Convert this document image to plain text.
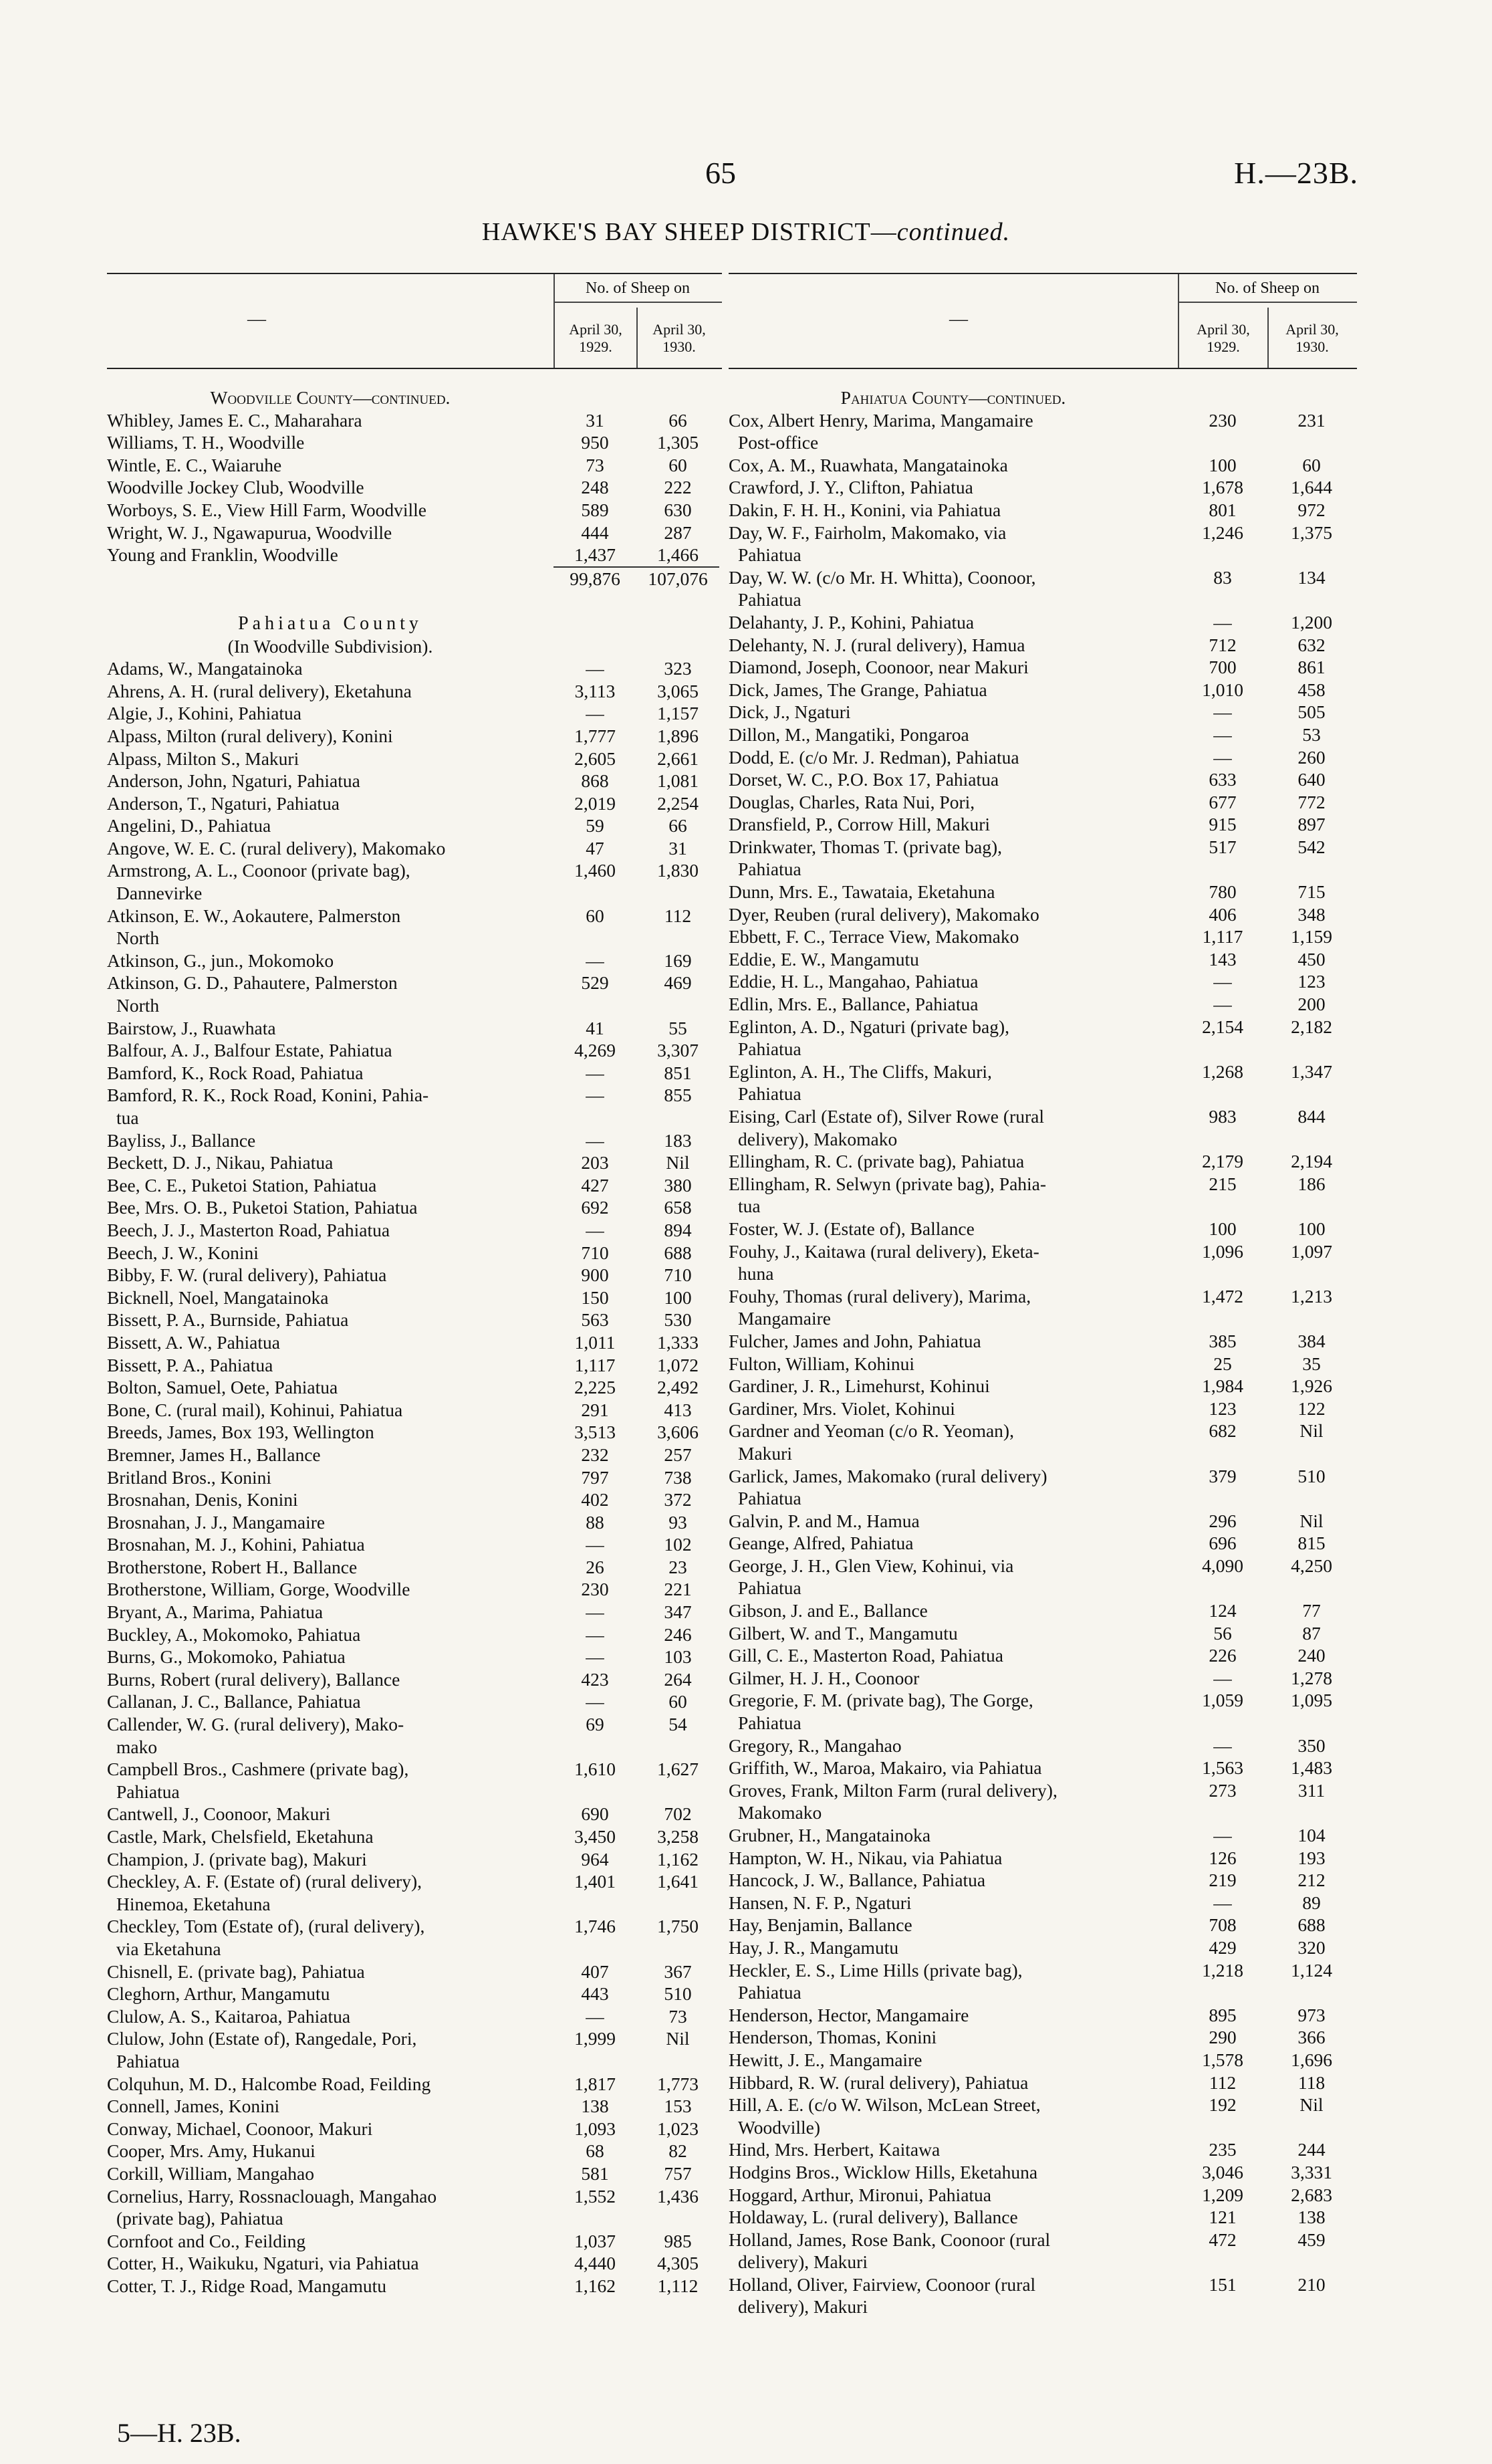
65	H.—23B.
HAWKE'S BAY SHEEP DISTRICT—continued.
—
No. of Sheep on
April 30, 1929.
April 30, 1930.
Woodville County—continued.
Whibley, James E. C., Maharahara	31	66
Williams, T. H., Woodville	950	1,305
Wintle, E. C., Waiaruhe	73	60
Woodville Jockey Club, Woodville	248	222
Worboys, S. E., View Hill Farm, Woodville	589	630
Wright, W. J., Ngawapurua, Woodville	444	287
Young and Franklin, Woodville	1,437	1,466
99,876	107,076
Pahiatua County
(In Woodville Subdivision).
Adams, W., Mangatainoka	—	323
Ahrens, A. H. (rural delivery), Eketahuna	3,113	3,065
Algie, J., Kohini, Pahiatua	—	1,157
Alpass, Milton (rural delivery), Konini	1,777	1,896
Alpass, Milton S., Makuri	2,605	2,661
Anderson, John, Ngaturi, Pahiatua	868	1,081
Anderson, T., Ngaturi, Pahiatua	2,019	2,254
Angelini, D., Pahiatua	59	66
Angove, W. E. C. (rural delivery), Makomako	47	31
Armstrong, A. L., Coonoor (private bag),	1,460	1,830
Dannevirke
Atkinson, E. W., Aokautere, Palmerston	60	112
North
Atkinson, G., jun., Mokomoko	—	169
Atkinson, G. D., Pahautere, Palmerston	529	469
North
Bairstow, J., Ruawhata	41	55
Balfour, A. J., Balfour Estate, Pahiatua	4,269	3,307
Bamford, K., Rock Road, Pahiatua	—	851
Bamford, R. K., Rock Road, Konini, Pahia-	—	855
tua
Bayliss, J., Ballance	—	183
Beckett, D. J., Nikau, Pahiatua	203	Nil
Bee, C. E., Puketoi Station, Pahiatua	427	380
Bee, Mrs. O. B., Puketoi Station, Pahiatua	692	658
Beech, J. J., Masterton Road, Pahiatua	—	894
Beech, J. W., Konini	710	688
Bibby, F. W. (rural delivery), Pahiatua	900	710
Bicknell, Noel, Mangatainoka	150	100
Bissett, P. A., Burnside, Pahiatua	563	530
Bissett, A. W., Pahiatua	1,011	1,333
Bissett, P. A., Pahiatua	1,117	1,072
Bolton, Samuel, Oete, Pahiatua	2,225	2,492
Bone, C. (rural mail), Kohinui, Pahiatua	291	413
Breeds, James, Box 193, Wellington	3,513	3,606
Bremner, James H., Ballance	232	257
Britland Bros., Konini	797	738
Brosnahan, Denis, Konini	402	372
Brosnahan, J. J., Mangamaire	88	93
Brosnahan, M. J., Kohini, Pahiatua	—	102
Brotherstone, Robert H., Ballance	26	23
Brotherstone, William, Gorge, Woodville	230	221
Bryant, A., Marima, Pahiatua	—	347
Buckley, A., Mokomoko, Pahiatua	—	246
Burns, G., Mokomoko, Pahiatua	—	103
Burns, Robert (rural delivery), Ballance	423	264
Callanan, J. C., Ballance, Pahiatua	—	60
Callender, W. G. (rural delivery), Mako-	69	54
mako
Campbell Bros., Cashmere (private bag),	1,610	1,627
Pahiatua
Cantwell, J., Coonoor, Makuri	690	702
Castle, Mark, Chelsfield, Eketahuna	3,450	3,258
Champion, J. (private bag), Makuri	964	1,162
Checkley, A. F. (Estate of) (rural delivery),	1,401	1,641
Hinemoa, Eketahuna
Checkley, Tom (Estate of), (rural delivery),	1,746	1,750
via Eketahuna
Chisnell, E. (private bag), Pahiatua	407	367
Cleghorn, Arthur, Mangamutu	443	510
Clulow, A. S., Kaitaroa, Pahiatua	—	73
Clulow, John (Estate of), Rangedale, Pori,	1,999	Nil
Pahiatua
Colquhun, M. D., Halcombe Road, Feilding	1,817	1,773
Connell, James, Konini	138	153
Conway, Michael, Coonoor, Makuri	1,093	1,023
Cooper, Mrs. Amy, Hukanui	68	82
Corkill, William, Mangahao	581	757
Cornelius, Harry, Rossnaclouagh, Mangahao	1,552	1,436
(private bag), Pahiatua
Cornfoot and Co., Feilding	1,037	985
Cotter, H., Waikuku, Ngaturi, via Pahiatua	4,440	4,305
Cotter, T. J., Ridge Road, Mangamutu	1,162	1,112
—
No. of Sheep on
April 30, 1929.
April 30, 1930.
Pahiatua County—continued.
Cox, Albert Henry, Marima, Mangamaire	230	231
Post-office
Cox, A. M., Ruawhata, Mangatainoka	100	60
Crawford, J. Y., Clifton, Pahiatua	1,678	1,644
Dakin, F. H. H., Konini, via Pahiatua	801	972
Day, W. F., Fairholm, Makomako, via	1,246	1,375
Pahiatua
Day, W. W. (c/o Mr. H. Whitta), Coonoor,	83	134
Pahiatua
Delahanty, J. P., Kohini, Pahiatua	—	1,200
Delehanty, N. J. (rural delivery), Hamua	712	632
Diamond, Joseph, Coonoor, near Makuri	700	861
Dick, James, The Grange, Pahiatua	1,010	458
Dick, J., Ngaturi	—	505
Dillon, M., Mangatiki, Pongaroa	—	53
Dodd, E. (c/o Mr. J. Redman), Pahiatua	—	260
Dorset, W. C., P.O. Box 17, Pahiatua	633	640
Douglas, Charles, Rata Nui, Pori,	677	772
Dransfield, P., Corrow Hill, Makuri	915	897
Drinkwater, Thomas T. (private bag),	517	542
Pahiatua
Dunn, Mrs. E., Tawataia, Eketahuna	780	715
Dyer, Reuben (rural delivery), Makomako	406	348
Ebbett, F. C., Terrace View, Makomako	1,117	1,159
Eddie, E. W., Mangamutu	143	450
Eddie, H. L., Mangahao, Pahiatua	—	123
Edlin, Mrs. E., Ballance, Pahiatua	—	200
Eglinton, A. D., Ngaturi (private bag),	2,154	2,182
Pahiatua
Eglinton, A. H., The Cliffs, Makuri,	1,268	1,347
Pahiatua
Eising, Carl (Estate of), Silver Rowe (rural	983	844
delivery), Makomako
Ellingham, R. C. (private bag), Pahiatua	2,179	2,194
Ellingham, R. Selwyn (private bag), Pahia-	215	186
tua
Foster, W. J. (Estate of), Ballance	100	100
Fouhy, J., Kaitawa (rural delivery), Eketa-	1,096	1,097
huna
Fouhy, Thomas (rural delivery), Marima,	1,472	1,213
Mangamaire
Fulcher, James and John, Pahiatua	385	384
Fulton, William, Kohinui	25	35
Gardiner, J. R., Limehurst, Kohinui	1,984	1,926
Gardiner, Mrs. Violet, Kohinui	123	122
Gardner and Yeoman (c/o R. Yeoman),	682	Nil
Makuri
Garlick, James, Makomako (rural delivery)	379	510
Pahiatua
Galvin, P. and M., Hamua	296	Nil
Geange, Alfred, Pahiatua	696	815
George, J. H., Glen View, Kohinui, via	4,090	4,250
Pahiatua
Gibson, J. and E., Ballance	124	77
Gilbert, W. and T., Mangamutu	56	87
Gill, C. E., Masterton Road, Pahiatua	226	240
Gilmer, H. J. H., Coonoor	—	1,278
Gregorie, F. M. (private bag), The Gorge,	1,059	1,095
Pahiatua
Gregory, R., Mangahao	—	350
Griffith, W., Maroa, Makairo, via Pahiatua	1,563	1,483
Groves, Frank, Milton Farm (rural delivery),	273	311
Makomako
Grubner, H., Mangatainoka	—	104
Hampton, W. H., Nikau, via Pahiatua	126	193
Hancock, J. W., Ballance, Pahiatua	219	212
Hansen, N. F. P., Ngaturi	—	89
Hay, Benjamin, Ballance	708	688
Hay, J. R., Mangamutu	429	320
Heckler, E. S., Lime Hills (private bag),	1,218	1,124
Pahiatua
Henderson, Hector, Mangamaire	895	973
Henderson, Thomas, Konini	290	366
Hewitt, J. E., Mangamaire	1,578	1,696
Hibbard, R. W. (rural delivery), Pahiatua	112	118
Hill, A. E. (c/o W. Wilson, McLean Street,	192	Nil
Woodville)
Hind, Mrs. Herbert, Kaitawa	235	244
Hodgins Bros., Wicklow Hills, Eketahuna	3,046	3,331
Hoggard, Arthur, Mironui, Pahiatua	1,209	2,683
Holdaway, L. (rural delivery), Ballance	121	138
Holland, James, Rose Bank, Coonoor (rural	472	459
delivery), Makuri
Holland, Oliver, Fairview, Coonoor (rural	151	210
delivery), Makuri
5—H. 23B.
